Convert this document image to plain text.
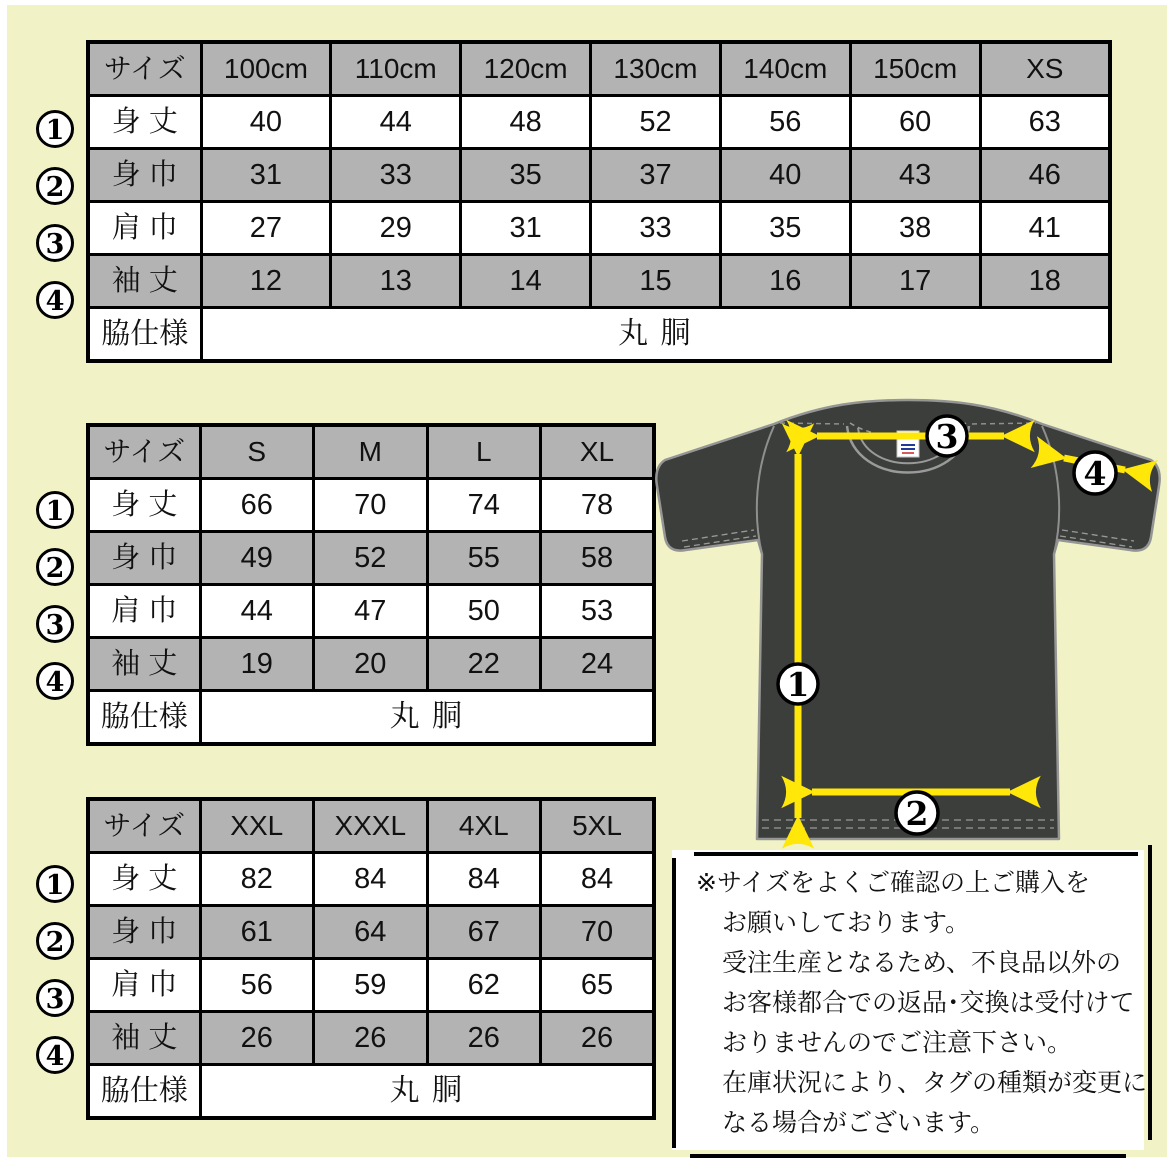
サイズ	100cm	110cm	120cm	130cm	140cm	150cm	XS
身 丈	40	44	48	52	56	60	63
身 巾	31	33	35	37	40	43	46
肩 巾	27	29	31	33	35	38	41
袖 丈	12	13	14	15	16	17	18
脇仕様	丸 胴						
サイズ	S	M	L	XL
身 丈	66	70	74	78
身 巾	49	52	55	58
肩 巾	44	47	50	53
袖 丈	19	20	22	24
脇仕様	丸 胴			
サイズ	XXL	XXXL	4XL	5XL
身 丈	82	84	84	84
身 巾	61	64	67	70
肩 巾	56	59	62	65
袖 丈	26	26	26	26
脇仕様	丸 胴			
1
2
3
4
1
2
3
4
1
2
3
4
3
4
1
2
※サイズをよくご確認の上ご購入を
お願いしております。
受注生産となるため、不良品以外の
お客様都合での返品･交換は受付けて
おりませんのでご注意下さい。
在庫状況により、タグの種類が変更に
なる場合がございます。
